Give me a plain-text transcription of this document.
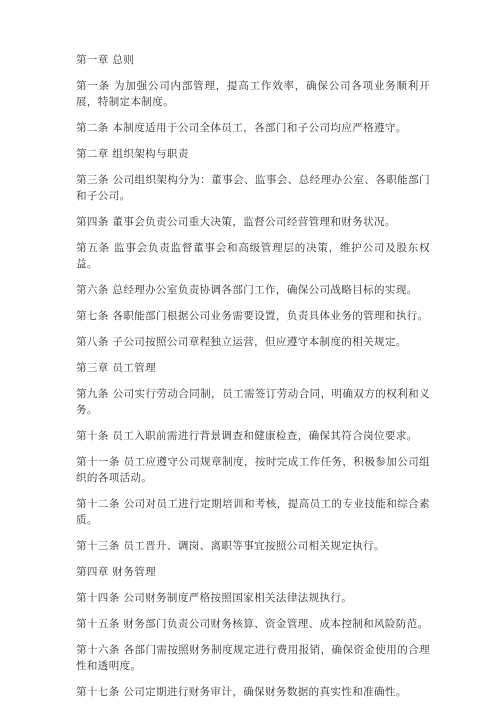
第一章 总则

第一条 为加强公司内部管理，提高工作效率，确保公司各项业务顺利开展，特制定本制度。

第二条 本制度适用于公司全体员工，各部门和子公司均应严格遵守。

第二章 组织架构与职责

第三条 公司组织架构分为：董事会、监事会、总经理办公室、各职能部门和子公司。

第四条 董事会负责公司重大决策，监督公司经营管理和财务状况。

第五条 监事会负责监督董事会和高级管理层的决策，维护公司及股东权益。

第六条 总经理办公室负责协调各部门工作，确保公司战略目标的实现。

第七条 各职能部门根据公司业务需要设置，负责具体业务的管理和执行。

第八条 子公司按照公司章程独立运营，但应遵守本制度的相关规定。

第三章 员工管理

第九条 公司实行劳动合同制，员工需签订劳动合同，明确双方的权利和义务。

第十条 员工入职前需进行背景调查和健康检查，确保其符合岗位要求。

第十一条 员工应遵守公司规章制度，按时完成工作任务，积极参加公司组织的各项活动。

第十二条 公司对员工进行定期培训和考核，提高员工的专业技能和综合素质。

第十三条 员工晋升、调岗、离职等事宜按照公司相关规定执行。

第四章 财务管理

第十四条 公司财务制度严格按照国家相关法律法规执行。

第十五条 财务部门负责公司财务核算、资金管理、成本控制和风险防范。

第十六条 各部门需按照财务制度规定进行费用报销，确保资金使用的合理性和透明度。

第十七条 公司定期进行财务审计，确保财务数据的真实性和准确性。
